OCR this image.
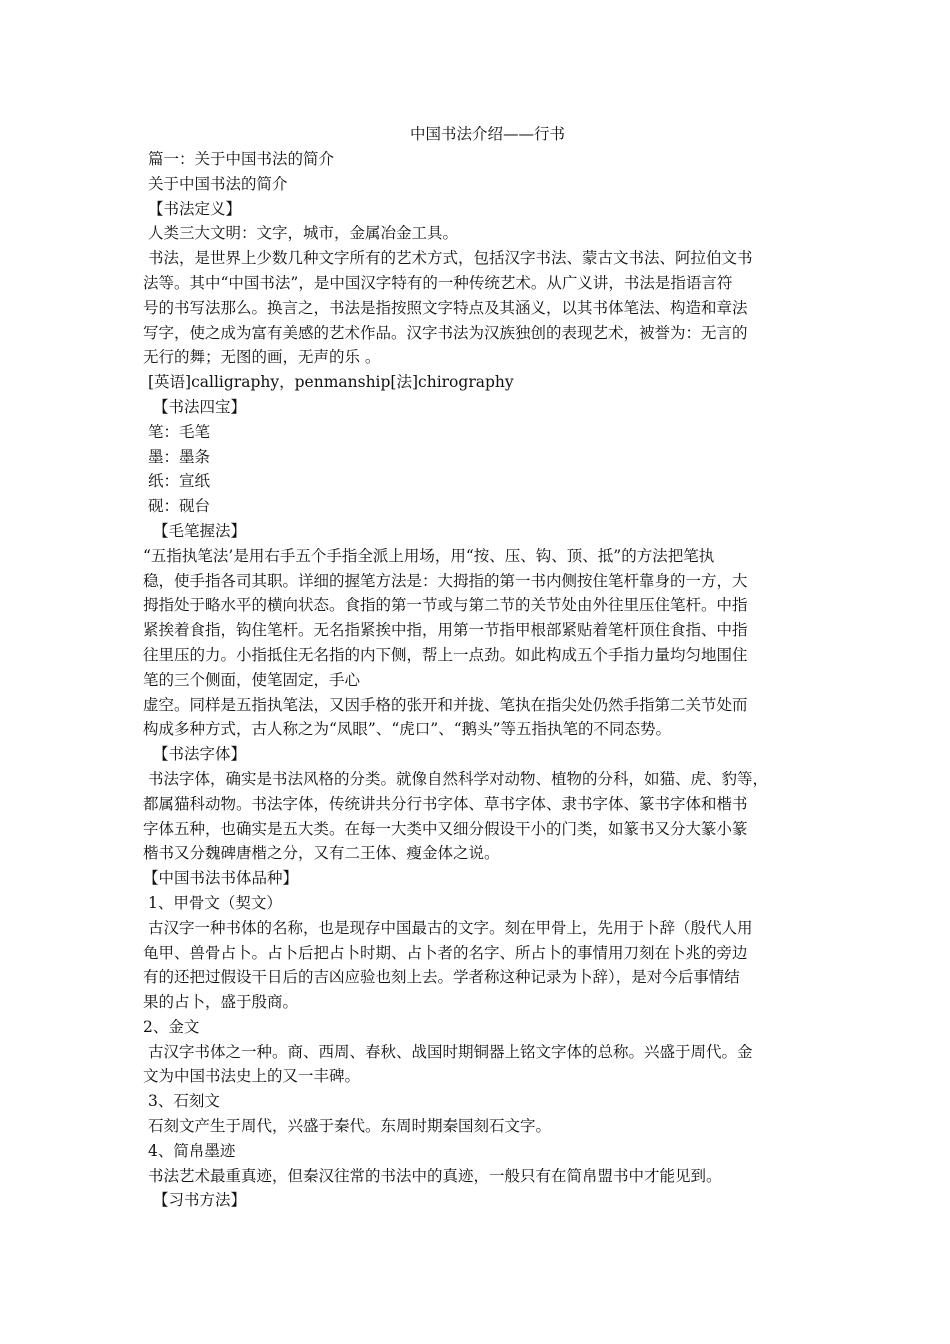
中国书法介绍——行书
篇一：关于中国书法的简介
关于中国书法的简介
【书法定义】
人类三大文明：文字，城市，金属冶金工具。
书法，是世界上少数几种文字所有的艺术方式，包括汉字书法、蒙古文书法、阿拉伯文书
法等。其中“中国书法”，是中国汉字特有的一种传统艺术。从广义讲，书法是指语言符
号的书写法那么。换言之，书法是指按照文字特点及其涵义，以其书体笔法、构造和章法
写字，使之成为富有美感的艺术作品。汉字书法为汉族独创的表现艺术，被誉为：无言的
无行的舞；无图的画，无声的乐 。
[英语]calligraphy，penmanship[法]chirography
【书法四宝】
笔：毛笔
墨：墨条
纸：宣纸
砚：砚台
【毛笔握法】
“五指执笔法’是用右手五个手指全派上用场，用“按、压、钩、顶、抵”的方法把笔执
稳，使手指各司其职。详细的握笔方法是：大拇指的第一书内侧按住笔杆靠身的一方，大
拇指处于略水平的横向状态。食指的第一节或与第二节的关节处由外往里压住笔杆。中指
紧挨着食指，钩住笔杆。无名指紧挨中指，用第一节指甲根部紧贴着笔杆顶住食指、中指
往里压的力。小指抵住无名指的内下侧，帮上一点劲。如此构成五个手指力量均匀地围住
笔的三个侧面，使笔固定，手心
虚空。同样是五指执笔法，又因手格的张开和并拢、笔执在指尖处仍然手指第二关节处而
构成多种方式，古人称之为“凤眼”、“虎口”、“鹅头”等五指执笔的不同态势。
【书法字体】
书法字体，确实是书法风格的分类。就像自然科学对动物、植物的分科，如猫、虎、豹等，
都属猫科动物。书法字体，传统讲共分行书字体、草书字体、隶书字体、篆书字体和楷书
字体五种，也确实是五大类。在每一大类中又细分假设干小的门类，如篆书又分大篆小篆
楷书又分魏碑唐楷之分，又有二王体、瘦金体之说。
【中国书法书体品种】
1、甲骨文（契文）
古汉字一种书体的名称，也是现存中国最古的文字。刻在甲骨上，先用于卜辞（殷代人用
龟甲、兽骨占卜。占卜后把占卜时期、占卜者的名字、所占卜的事情用刀刻在卜兆的旁边
有的还把过假设干日后的吉凶应验也刻上去。学者称这种记录为卜辞），是对今后事情结
果的占卜，盛于殷商。
2、金文
古汉字书体之一种。商、西周、春秋、战国时期铜器上铭文字体的总称。兴盛于周代。金
文为中国书法史上的又一丰碑。
3、石刻文
石刻文产生于周代，兴盛于秦代。东周时期秦国刻石文字。
4、简帛墨迹
书法艺术最重真迹，但秦汉往常的书法中的真迹，一般只有在简帛盟书中才能见到。
【习书方法】
